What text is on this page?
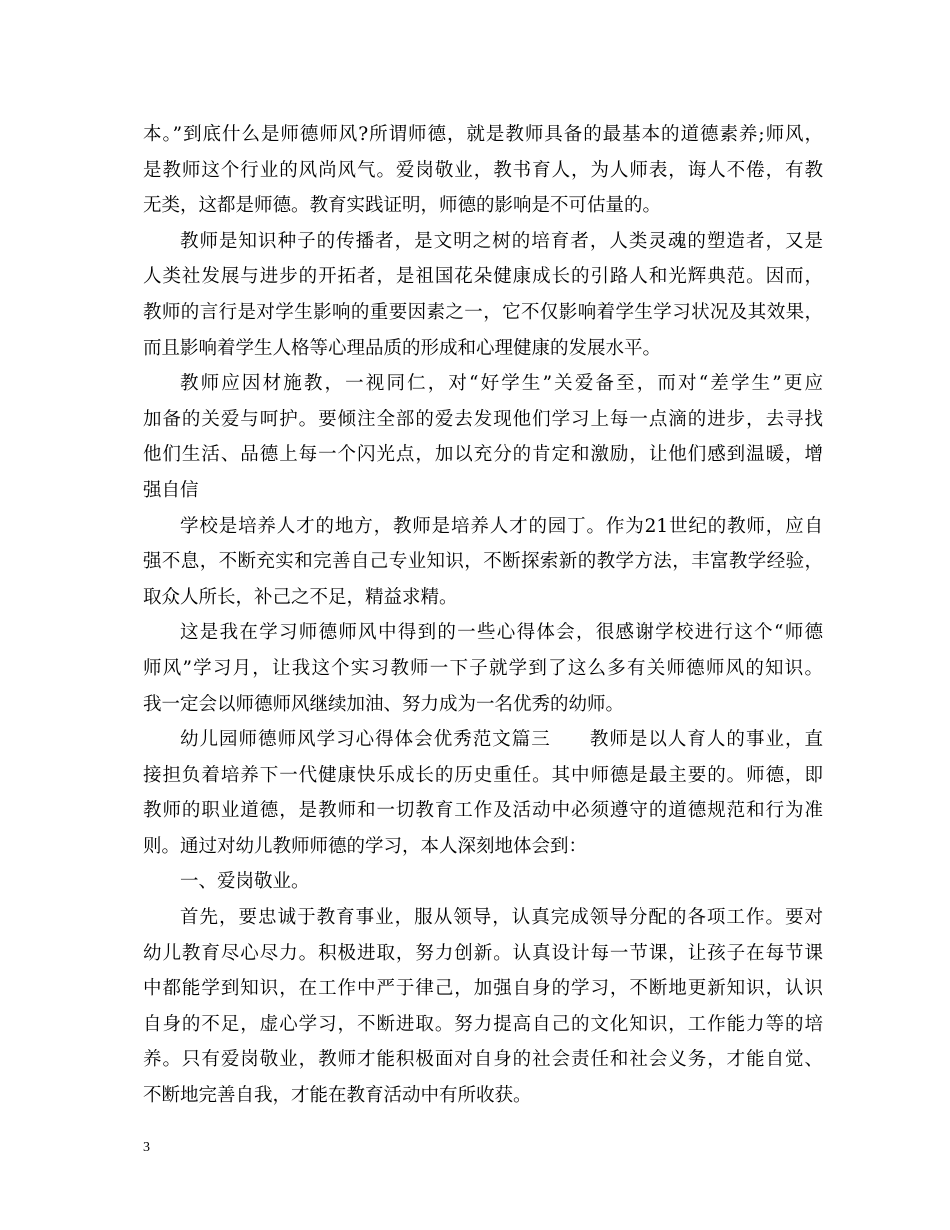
本。”到底什么是师德师风?所谓师德，就是教师具备的最基本的道德素养;师风，
是教师这个行业的风尚风气。爱岗敬业，教书育人，为人师表，诲人不倦，有教
无类，这都是师德。教育实践证明，师德的影响是不可估量的。
教师是知识种子的传播者，是文明之树的培育者，人类灵魂的塑造者，又是
人类社发展与进步的开拓者，是祖国花朵健康成长的引路人和光辉典范。因而，
教师的言行是对学生影响的重要因素之一，它不仅影响着学生学习状况及其效果，
而且影响着学生人格等心理品质的形成和心理健康的发展水平。
教师应因材施教，一视同仁，对“好学生”关爱备至，而对“差学生”更应
加备的关爱与呵护。要倾注全部的爱去发现他们学习上每一点滴的进步，去寻找
他们生活、品德上每一个闪光点，加以充分的肯定和激励，让他们感到温暖，增
强自信
学校是培养人才的地方，教师是培养人才的园丁。作为21世纪的教师，应自
强不息，不断充实和完善自己专业知识，不断探索新的教学方法，丰富教学经验，
取众人所长，补己之不足，精益求精。
这是我在学习师德师风中得到的一些心得体会，很感谢学校进行这个“师德
师风”学习月，让我这个实习教师一下子就学到了这么多有关师德师风的知识。
我一定会以师德师风继续加油、努力成为一名优秀的幼师。
幼儿园师德师风学习心得体会优秀范文篇三　　教师是以人育人的事业，直
接担负着培养下一代健康快乐成长的历史重任。其中师德是最主要的。师德，即
教师的职业道德，是教师和一切教育工作及活动中必须遵守的道德规范和行为准
则。通过对幼儿教师师德的学习，本人深刻地体会到：
一、爱岗敬业。
首先，要忠诚于教育事业，服从领导，认真完成领导分配的各项工作。要对
幼儿教育尽心尽力。积极进取，努力创新。认真设计每一节课，让孩子在每节课
中都能学到知识，在工作中严于律己，加强自身的学习，不断地更新知识，认识
自身的不足，虚心学习，不断进取。努力提高自己的文化知识，工作能力等的培
养。只有爱岗敬业，教师才能积极面对自身的社会责任和社会义务，才能自觉、
不断地完善自我，才能在教育活动中有所收获。
3
